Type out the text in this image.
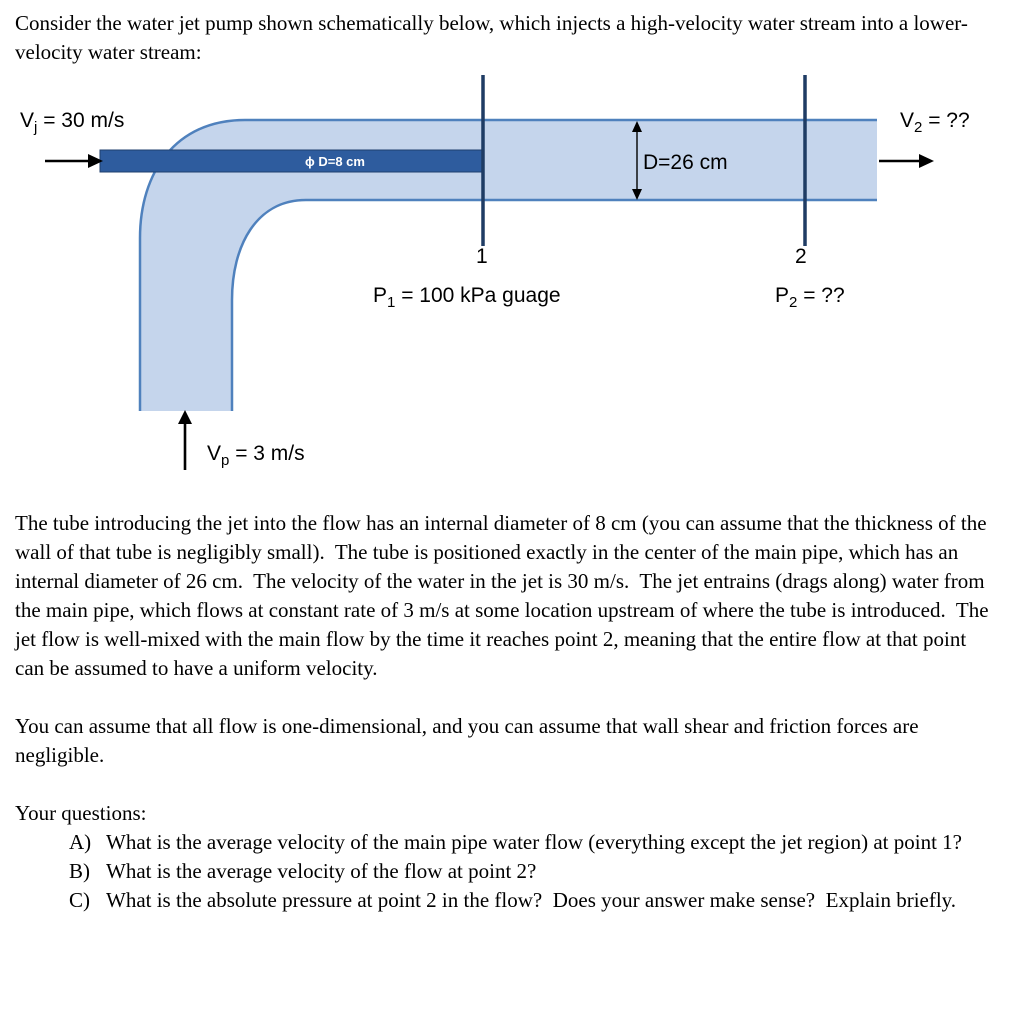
Consider the water jet pump shown schematically below, which injects a high-velocity water stream into a lower-velocity water stream:

ϕ D=8 cm	D=26 cm
$V_j = 30$ m/s	$V_2$ = ??
1	2
$P_1 = 100$ kPa guage	$P_2$ = ??
$V_p = 3$ m/s

The tube introducing the jet into the flow has an internal diameter of 8 cm (you can assume that the thickness of the wall of that tube is negligibly small).  The tube is positioned exactly in the center of the main pipe, which has an internal diameter of 26 cm.  The velocity of the water in the jet is 30 m/s.  The jet entrains (drags along) water from the main pipe, which flows at constant rate of 3 m/s at some location upstream of where the tube is introduced.  The jet flow is well-mixed with the main flow by the time it reaches point 2, meaning that the entire flow at that point can be assumed to have a uniform velocity.

You can assume that all flow is one-dimensional, and you can assume that wall shear and friction forces are negligible.

Your questions:

A) What is the average velocity of the main pipe water flow (everything except the jet region) at point 1?
B) What is the average velocity of the flow at point 2?
C) What is the absolute pressure at point 2 in the flow?  Does your answer make sense?  Explain briefly.
